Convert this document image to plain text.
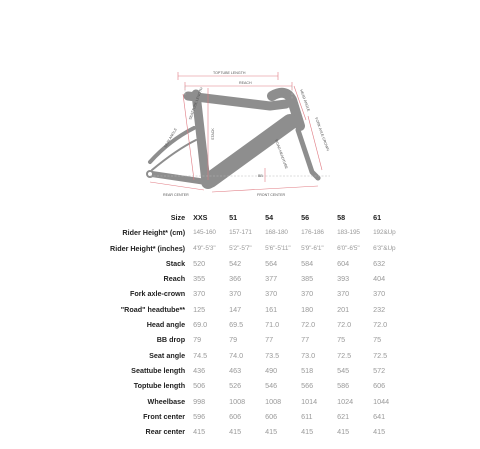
TOPTUBE LENGTH
REACH
STACK
SEATTUBE LENGTH
SEAT ANGLE
HEAD ANGLE
FORK AXLE-CROWN
ROAD HEADTUBE
BB
REAR CENTER	FRONT CENTER
Size	XXS	51	54	56	58	61
Rider Height* (cm)	145-160	157-171	168-180	176-186	183-195	192&Up
Rider Height* (inches)	4'9"-5'3"	5'2"-5'7"	5'6"-5'11"	5'9"-6'1"	6'0"-6'5"	6'3"&Up
Stack	520	542	564	584	604	632
Reach	355	366	377	385	393	404
Fork axle-crown	370	370	370	370	370	370
"Road" headtube**	125	147	161	180	201	232
Head angle	69.0	69.5	71.0	72.0	72.0	72.0
BB drop	79	79	77	77	75	75
Seat angle	74.5	74.0	73.5	73.0	72.5	72.5
Seattube length	436	463	490	518	545	572
Toptube length	506	526	546	566	586	606
Wheelbase	998	1008	1008	1014	1024	1044
Front center	596	606	606	611	621	641
Rear center	415	415	415	415	415	415
